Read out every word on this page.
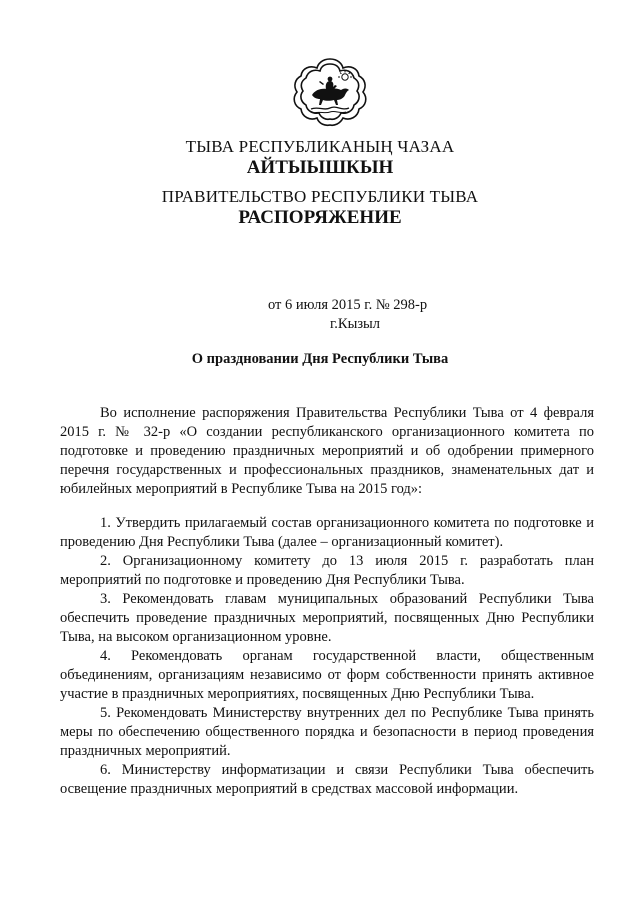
ТЫВА РЕСПУБЛИКАНЫҢ ЧАЗАА
АЙТЫЫШКЫН
ПРАВИТЕЛЬСТВО РЕСПУБЛИКИ ТЫВА
РАСПОРЯЖЕНИЕ
от 6 июля 2015 г. № 298-р
г.Кызыл
О праздновании Дня Республики Тыва

Во исполнение распоряжения Правительства Республики Тыва от 4 февраля 2015 г. № 32-р «О создании республиканского организационного комитета по подготовке и проведению праздничных мероприятий и об одобрении примерного перечня государственных и профессиональных праздников, знаменательных дат и юбилейных мероприятий в Республике Тыва на 2015 год»:

1. Утвердить прилагаемый состав организационного комитета по подготовке и проведению Дня Республики Тыва (далее – организационный комитет).

2. Организационному комитету до 13 июля 2015 г. разработать план мероприятий по подготовке и проведению Дня Республики Тыва.

3. Рекомендовать главам муниципальных образований Республики Тыва обеспечить проведение праздничных мероприятий, посвященных Дню Республики Тыва, на высоком организационном уровне.

4. Рекомендовать органам государственной власти, общественным объединениям, организациям независимо от форм собственности принять активное участие в праздничных мероприятиях, посвященных Дню Республики Тыва.

5. Рекомендовать Министерству внутренних дел по Республике Тыва принять меры по обеспечению общественного порядка и безопасности в период проведения праздничных мероприятий.

6. Министерству информатизации и связи Республики Тыва обеспечить освещение праздничных мероприятий в средствах массовой информации.
